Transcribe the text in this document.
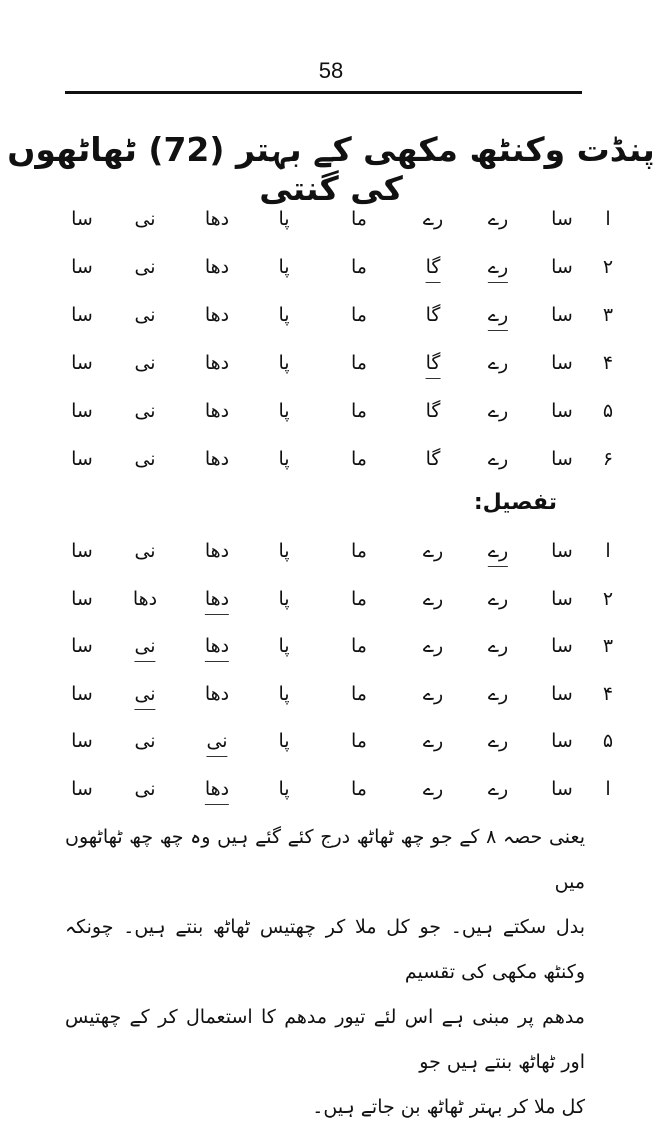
58
پنڈت وکنٹھ مکھی کے بہتر (72) ٹھاٹھوں کی گنتی
ا
سا
رے
رے
ما
پا
دھا
نی
سا
۲
سا
رے
گا
ما
پا
دھا
نی
سا
۳
سا
رے
گا
ما
پا
دھا
نی
سا
۴
سا
رے
گا
ما
پا
دھا
نی
سا
۵
سا
رے
گا
ما
پا
دھا
نی
سا
۶
سا
رے
گا
ما
پا
دھا
نی
سا
تفصیل:
ا
سا
رے
رے
ما
پا
دھا
نی
سا
۲
سا
رے
رے
ما
پا
دھا
دھا
سا
۳
سا
رے
رے
ما
پا
دھا
نی
سا
۴
سا
رے
رے
ما
پا
دھا
نی
سا
۵
سا
رے
رے
ما
پا
نی
نی
سا
ا
سا
رے
رے
ما
پا
دھا
نی
سا

یعنی حصہ ۸ کے جو چھ ٹھاٹھ درج کئے گئے ہیں وہ چھ چھ ٹھاٹھوں میں

بدل سکتے ہیں۔ جو کل ملا کر چھتیس ٹھاٹھ بنتے ہیں۔ چونکہ وکنٹھ مکھی کی تقسیم

مدھم پر مبنی ہے اس لئے تیور مدھم کا استعمال کر کے چھتیس اور ٹھاٹھ بنتے ہیں جو

کل ملا کر بہتر ٹھاٹھ بن جاتے ہیں۔
